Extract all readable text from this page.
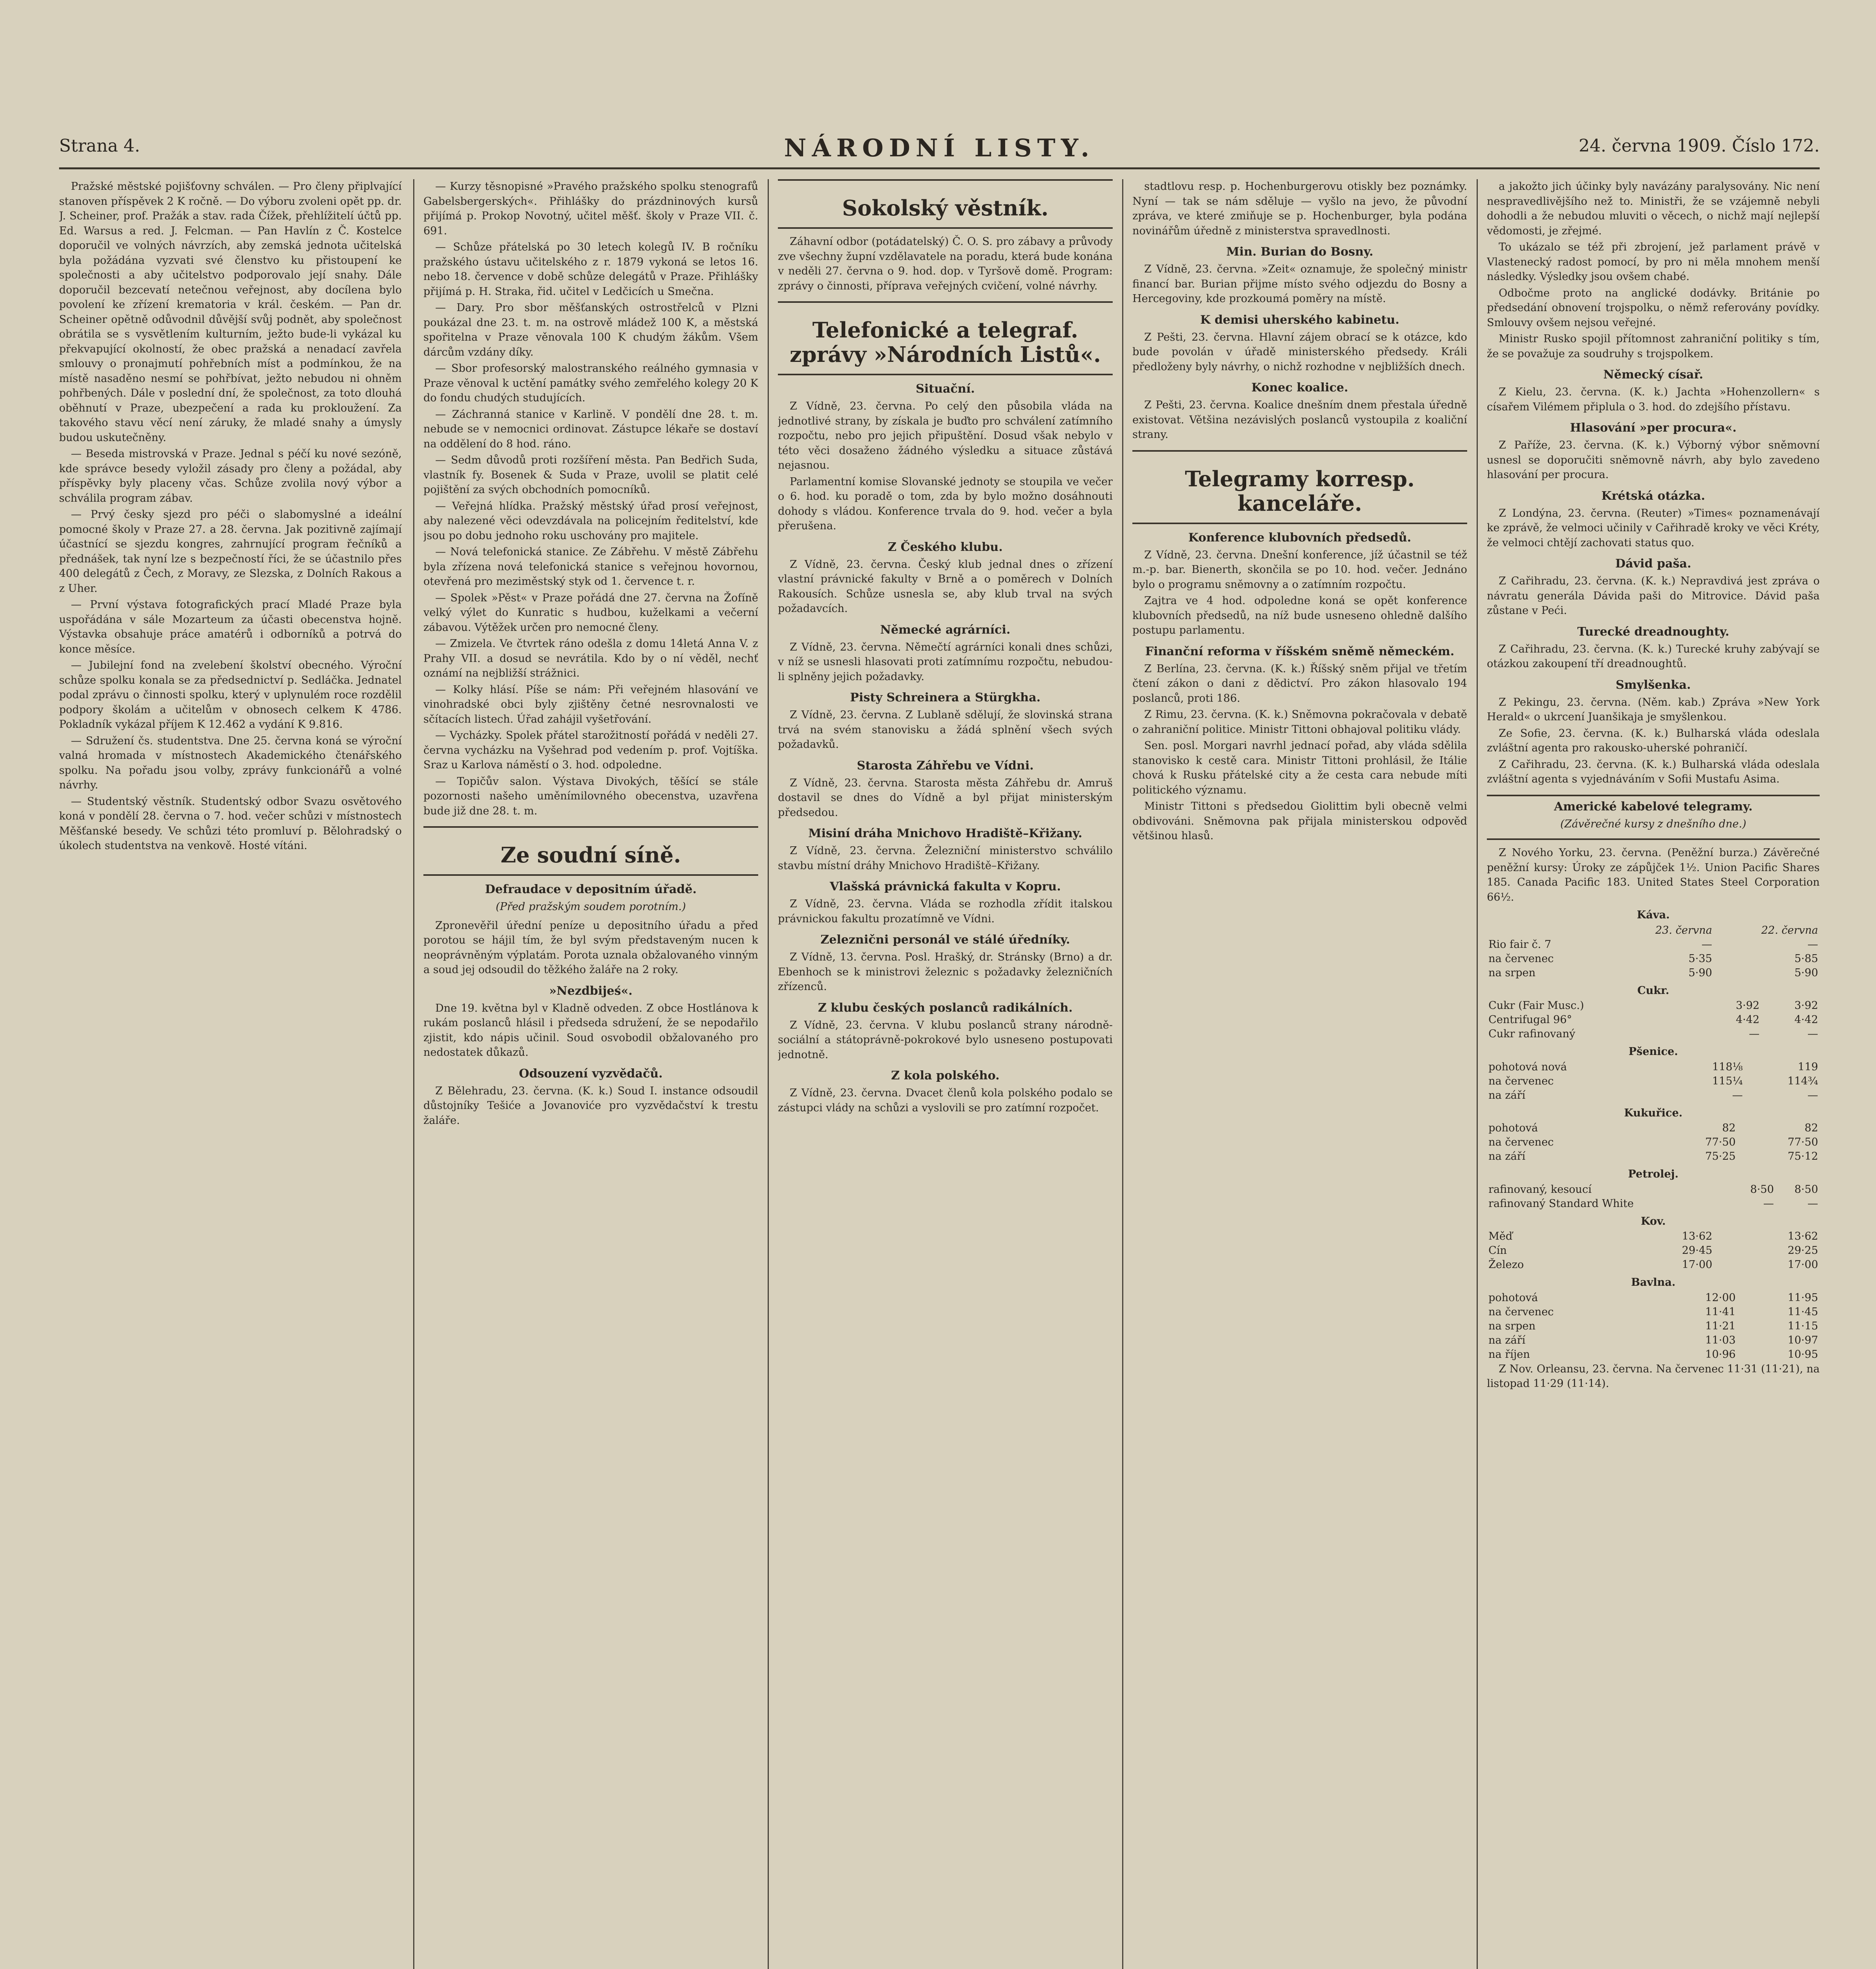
Strana 4.	NÁRODNÍ LISTY.	24. června 1909. Číslo 172.

Pražské městské pojišťovny schválen. — Pro členy připlvající stanoven příspěvek 2 K ročně. — Do výboru zvoleni opět pp. dr. J. Scheiner, prof. Pražák a stav. rada Čížek, přehlížitelí účtů pp. Ed. Warsus a red. J. Felcman. — Pan Havlín z Č. Kostelce doporučil ve volných návrzích, aby zemská jednota učitelská byla požádána vyzvati své členstvo ku přistoupení ke společnosti a aby učitelstvo podporovalo její snahy. Dále doporučil bezcevatí netečnou veřejnost, aby docílena bylo povolení ke zřízení krematoria v král. českém. — Pan dr. Scheiner opětně odůvodnil důvější svůj podnět, aby společnost obrátila se s vysvětlením kulturním, ježto bude-li vykázal ku překvapující okolností, že obec pražská a nenadací zavřela smlouvy o pronajmutí pohřebních míst a podmínkou, že na místě nasaděno nesmí se pohřbívat, ježto nebudou ni ohněm pohřbených. Dále v poslední dní, že společnost, za toto dlouhá oběhnutí v Praze, ubezpečení a rada ku prokloužení. Za takového stavu věcí není záruky, že mladé snahy a úmysly budou uskutečněny.

— Beseda mistrovská v Praze. Jednal s péčí ku nové sezóně, kde správce besedy vyložil zásady pro členy a požádal, aby příspěvky byly placeny včas. Schůze zvolila nový výbor a schválila program zábav.

— Prvý česky sjezd pro péči o slabomyslné a ideální pomocné školy v Praze 27. a 28. června. Jak pozitivně zajímají účastnící se sjezdu kongres, zahrnující program řečníků a přednášek, tak nyní lze s bezpečností říci, že se účastnilo přes 400 delegátů z Čech, z Moravy, ze Slezska, z Dolních Rakous a z Uher.

— První výstava fotografických prací Mladé Praze byla uspořádána v sále Mozarteum za účasti obecenstva hojně. Výstavka obsahuje práce amatérů i odborníků a potrvá do konce měsíce.

— Jubilejní fond na zvelebení školství obecného. Výroční schůze spolku konala se za předsednictví p. Sedláčka. Jednatel podal zprávu o činnosti spolku, který v uplynulém roce rozdělil podpory školám a učitelům v obnosech celkem K 4786. Pokladník vykázal příjem K 12.462 a vydání K 9.816.

— Sdružení čs. studentstva. Dne 25. června koná se výroční valná hromada v místnostech Akademického čtenářského spolku. Na pořadu jsou volby, zprávy funkcionářů a volné návrhy.

— Studentský věstník. Studentský odbor Svazu osvětového koná v pondělí 28. června o 7. hod. večer schůzi v místnostech Měšťanské besedy. Ve schůzi této promluví p. Bělohradský o úkolech studentstva na venkově. Hosté vítáni.

— Kurzy těsnopisné »Pravého pražského spolku stenografů Gabelsbergerských«. Přihlášky do prázdninových kursů přijímá p. Prokop Novotný, učitel měšť. školy v Praze VII. č. 691.

— Schůze přátelská po 30 letech kolegů IV. B ročníku pražského ústavu učitelského z r. 1879 vykoná se letos 16. nebo 18. července v době schůze delegátů v Praze. Přihlášky přijímá p. H. Straka, řid. učitel v Ledčicích u Smečna.

— Dary. Pro sbor měšťanských ostrostřelců v Plzni poukázal dne 23. t. m. na ostrově mládež 100 K, a městská spořitelna v Praze věnovala 100 K chudým žákům. Všem dárcům vzdány díky.

— Sbor profesorský malostranského reálného gymnasia v Praze věnoval k uctění památky svého zemřelého kolegy 20 K do fondu chudých studujících.

— Záchranná stanice v Karlině. V pondělí dne 28. t. m. nebude se v nemocnici ordinovat. Zástupce lékaře se dostaví na oddělení do 8 hod. ráno.

— Sedm důvodů proti rozšíření města. Pan Bedřich Suda, vlastník fy. Bosenek & Suda v Praze, uvolil se platit celé pojištění za svých obchodních pomocníků.

— Veřejná hlídka. Pražský městský úřad prosí veřejnost, aby nalezené věci odevzdávala na policejním ředitelství, kde jsou po dobu jednoho roku uschovány pro majitele.

— Nová telefonická stanice. Ze Zábřehu. V městě Zábřehu byla zřízena nová telefonická stanice s veřejnou hovornou, otevřená pro meziměstský styk od 1. července t. r.

— Spolek »Pěst« v Praze pořádá dne 27. června na Žofíně velký výlet do Kunratic s hudbou, kuželkami a večerní zábavou. Výtěžek určen pro nemocné členy.

— Zmizela. Ve čtvrtek ráno odešla z domu 14letá Anna V. z Prahy VII. a dosud se nevrátila. Kdo by o ní věděl, nechť oznámí na nejbližší strážnici.

— Kolky hlásí. Píše se nám: Při veřejném hlasování ve vinohradské obci byly zjištěny četné nesrovnalosti ve sčítacích listech. Úřad zahájil vyšetřování.

— Vycházky. Spolek přátel starožitností pořádá v neděli 27. června vycházku na Vyšehrad pod vedením p. prof. Vojtíška. Sraz u Karlova náměstí o 3. hod. odpoledne.

— Topičův salon. Výstava Divokých, těšící se stále pozornosti našeho uměnímilovného obecenstva, uzavřena bude již dne 28. t. m.

Ze soudní síně.
Defraudace v depositním úřadě.
(Před pražským soudem porotním.)

Zpronevěřil úřední peníze u depositního úřadu a před porotou se hájil tím, že byl svým představeným nucen k neoprávněným výplatám. Porota uznala obžalovaného vinným a soud jej odsoudil do těžkého žaláře na 2 roky.

»Nezdbijeś«.

Dne 19. května byl v Kladně odveden. Z obce Hostlánova k rukám poslanců hlásil i předseda sdružení, že se nepodařilo zjistit, kdo nápis učinil. Soud osvobodil obžalovaného pro nedostatek důkazů.

Odsouzení vyzvědačů.

Z Bělehradu, 23. června. (K. k.) Soud I. instance odsoudil důstojníky Tešiće a Jovanoviće pro vyzvědačství k trestu žaláře.

Sokolský věstník.

Záhavní odbor (potádatelský) Č. O. S. pro zábavy a průvody zve všechny župní vzdělavatele na poradu, která bude konána v neděli 27. června o 9. hod. dop. v Tyršově domě. Program: zprávy o činnosti, příprava veřejných cvičení, volné návrhy.

Telefonické a telegraf. zprávy »Národních Listů«.
Situační.

Z Vídně, 23. června. Po celý den působila vláda na jednotlivé strany, by získala je buďto pro schválení zatímního rozpočtu, nebo pro jejich připuštění. Dosud však nebylo v této věci dosaženo žádného výsledku a situace zůstává nejasnou.

Parlamentní komise Slovanské jednoty se stoupila ve večer o 6. hod. ku poradě o tom, zda by bylo možno dosáhnouti dohody s vládou. Konference trvala do 9. hod. večer a byla přerušena.

Z Českého klubu.

Z Vídně, 23. června. Český klub jednal dnes o zřízení vlastní právnické fakulty v Brně a o poměrech v Dolních Rakousích. Schůze usnesla se, aby klub trval na svých požadavcích.

Německé agrárníci.

Z Vídně, 23. června. Němečtí agrárníci konali dnes schůzi, v níž se usnesli hlasovati proti zatímnímu rozpočtu, nebudou-li splněny jejich požadavky.

Pisty Schreinera a Stürgkha.

Z Vídně, 23. června. Z Lublaně sdělují, že slovinská strana trvá na svém stanovisku a žádá splnění všech svých požadavků.

Starosta Záhřebu ve Vídni.

Z Vídně, 23. června. Starosta města Záhřebu dr. Amruš dostavil se dnes do Vídně a byl přijat ministerským předsedou.

Misiní dráha Mnichovo Hradiště–Křižany.

Z Vídně, 23. června. Železniční ministerstvo schválilo stavbu místní dráhy Mnichovo Hradiště–Křižany.

Vlašská právnická fakulta v Kopru.

Z Vídně, 23. června. Vláda se rozhodla zřídit italskou právnickou fakultu prozatímně ve Vídni.

Zeleznični personál ve stálé úředníky.

Z Vídně, 13. června. Posl. Hrašký, dr. Stránsky (Brno) a dr. Ebenhoch se k ministrovi železnic s požadavky železničních zřízenců.

Z klubu českých poslanců radikálních.

Z Vídně, 23. června. V klubu poslanců strany národně-sociální a státoprávně-pokrokové bylo usneseno postupovati jednotně.

Z kola polského.

Z Vídně, 23. června. Dvacet členů kola polského podalo se zástupci vlády na schůzi a vyslovili se pro zatímní rozpočet.

stadtlovu resp. p. Hochenburgerovu otiskly bez poznámky. Nyní — tak se nám sděluje — vyšlo na jevo, že původní zpráva, ve které zmiňuje se p. Hochenburger, byla podána novinářům úředně z ministerstva spravedlnosti.

Min. Burian do Bosny.

Z Vídně, 23. června. »Zeit« oznamuje, že společný ministr financí bar. Burian přijme místo svého odjezdu do Bosny a Hercegoviny, kde prozkoumá poměry na místě.

K demisi uherského kabinetu.

Z Pešti, 23. června. Hlavní zájem obrací se k otázce, kdo bude povolán v úřadě ministerského předsedy. Králi předloženy byly návrhy, o nichž rozhodne v nejbližších dnech.

Konec koalice.

Z Pešti, 23. června. Koalice dnešním dnem přestala úředně existovat. Většina nezávislých poslanců vystoupila z koaliční strany.

Telegramy korresp. kanceláře.
Konference klubovních předsedů.

Z Vídně, 23. června. Dnešní konference, jíž účastnil se též m.-p. bar. Bienerth, skončila se po 10. hod. večer. Jednáno bylo o programu sněmovny a o zatímním rozpočtu.

Zajtra ve 4 hod. odpoledne koná se opět konference klubovních předsedů, na níž bude usneseno ohledně dalšího postupu parlamentu.

Finanční reforma v říšském sněmě německém.

Z Berlína, 23. června. (K. k.) Říšský sněm přijal ve třetím čtení zákon o dani z dědictví. Pro zákon hlasovalo 194 poslanců, proti 186.

Z Rimu, 23. června. (K. k.) Sněmovna pokračovala v debatě o zahraniční politice. Ministr Tittoni obhajoval politiku vlády.

Sen. posl. Morgari navrhl jednací pořad, aby vláda sdělila stanovisko k cestě cara. Ministr Tittoni prohlásil, že Itálie chová k Rusku přátelské city a že cesta cara nebude míti politického významu.

Ministr Tittoni s předsedou Giolittim byli obecně velmi obdivováni. Sněmovna pak přijala ministerskou odpověď většinou hlasů.

a jakožto jich účinky byly navázány paralysovány. Nic není nespravedlivějšího než to. Ministři, že se vzájemně nebyli dohodli a že nebudou mluviti o věcech, o nichž mají nejlepší vědomosti, je zřejmé.

To ukázalo se též při zbrojení, jež parlament právě v Vlastenecký radost pomocí, by pro ni měla mnohem menší následky. Výsledky jsou ovšem chabé.

Odbočme proto na anglické dodávky. Británie po předsedání obnovení trojspolku, o němž referovány povídky. Smlouvy ovšem nejsou veřejné.

Ministr Rusko spojil přítomnost zahraniční politiky s tím, že se považuje za soudruhy s trojspolkem.

Německý císař.

Z Kielu, 23. června. (K. k.) Jachta »Hohenzollern« s císařem Vilémem připlula o 3. hod. do zdejšího přístavu.

Hlasování »per procura«.

Z Paříže, 23. června. (K. k.) Výborný výbor sněmovní usnesl se doporučiti sněmovně návrh, aby bylo zavedeno hlasování per procura.

Krétská otázka.

Z Londýna, 23. června. (Reuter) »Times« poznamenávají ke zprávě, že velmoci učinily v Cařihradě kroky ve věci Kréty, že velmoci chtějí zachovati status quo.

Dávid paša.

Z Cařihradu, 23. června. (K. k.) Nepravdivá jest zpráva o návratu generála Dávida paši do Mitrovice. Dávid paša zůstane v Peći.

Turecké dreadnoughty.

Z Cařihradu, 23. června. (K. k.) Turecké kruhy zabývají se otázkou zakoupení tří dreadnoughtů.

Smylšenka.

Z Pekingu, 23. června. (Něm. kab.) Zpráva »New York Herald« o ukrcení Juanšikaja je smyšlenkou.

Ze Sofie, 23. června. (K. k.) Bulharská vláda odeslala zvláštní agenta pro rakousko-uherské pohraničí.

Z Cařihradu, 23. června. (K. k.) Bulharská vláda odeslala zvláštní agenta s vyjednáváním v Sofii Mustafu Asima.

Americké kabelové telegramy.
(Závěrečné kursy z dnešního dne.)

Z Nového Yorku, 23. června. (Peněžní burza.) Závěrečné peněžní kursy: Úroky ze zápůjček 1½. Union Pacific Shares 185. Canada Pacific 183. United States Steel Corporation 66½.

Káva.
	23. června	22. června
Rio fair č. 7	—	—
na červenec	5·35	5·85
na srpen	5·90	5·90
Cukr.
Cukr (Fair Musc.)	3·92	3·92
Centrifugal 96°	4·42	4·42
Cukr rafinovaný	—	—
Pšenice.
pohotová nová	118⅛	119
na červenec	115¼	114¾
na září	—	—
Kukuřice.
pohotová	82	82
na červenec	77·50	77·50
na září	75·25	75·12
Petrolej.
rafinovaný, kesoucí	8·50	8·50
rafinovaný Standard White	—	—
Kov.
Měď	13·62	13·62
Cín	29·45	29·25
Železo	17·00	17·00
Bavlna.
pohotová	12·00	11·95
na červenec	11·41	11·45
na srpen	11·21	11·15
na září	11·03	10·97
na říjen	10·96	10·95

Z Nov. Orleansu, 23. června. Na červenec 11·31 (11·21), na listopad 11·29 (11·14).
